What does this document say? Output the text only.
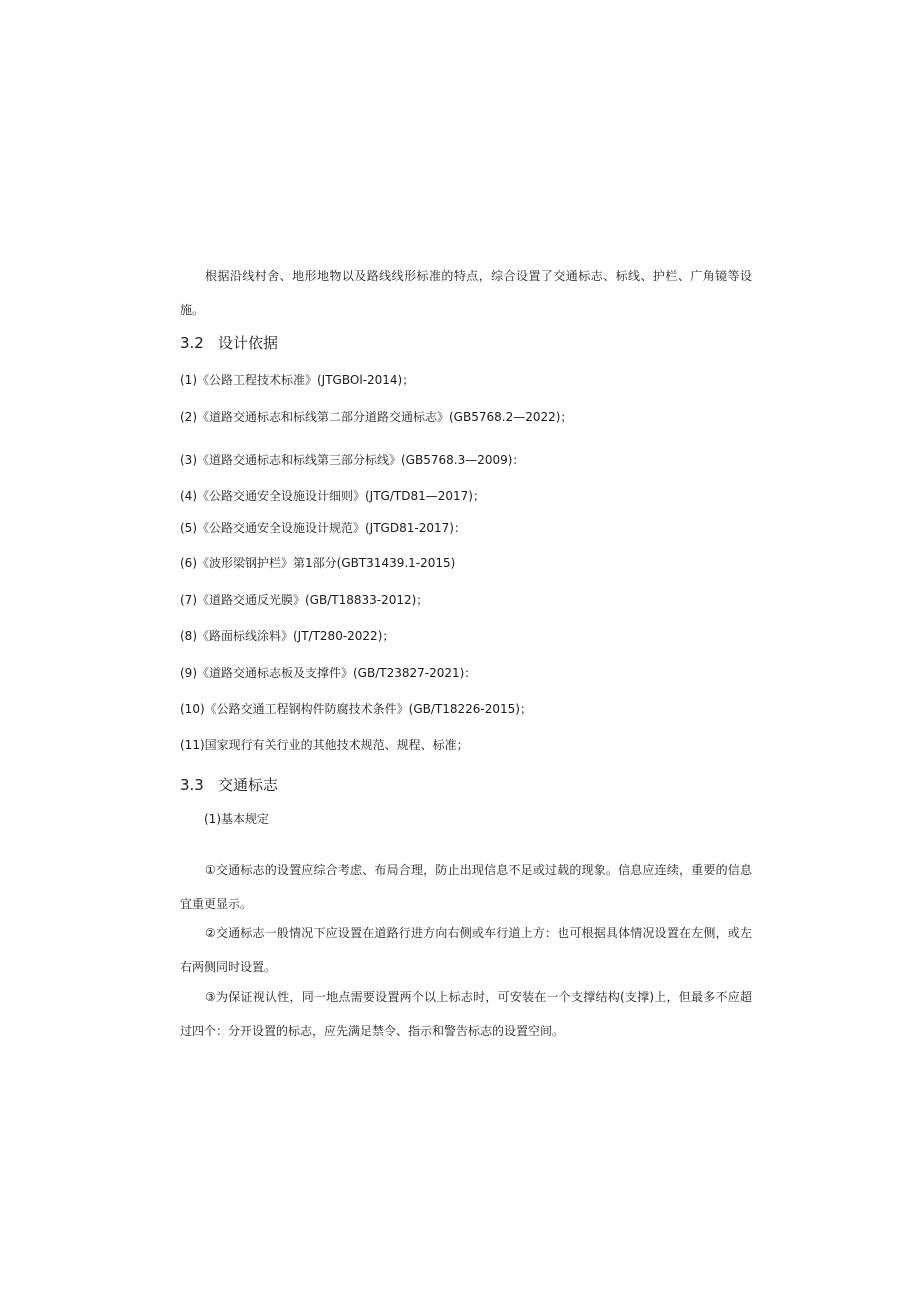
根据沿线村舍、地形地物以及路线线形标准的特点，综合设置了交通标志、标线、护栏、广角镜等设施。

3.2 设计依据
(1)《公路工程技术标准》(JTGBOl-2014)；
(2)《道路交通标志和标线第二部分道路交通标志》(GB5768.2—2022)；
(3)《道路交通标志和标线第三部分标线》(GB5768.3—2009)：
(4)《公路交通安全设施设计细则》(JTG/TD81—2017)；
(5)《公路交通安全设施设计规范》(JTGD81-2017)：
(6)《波形梁钢护栏》第1部分(GBT31439.1-2015)
(7)《道路交通反光膜》(GB/T18833-2012)；
(8)《路面标线涂料》(JT/T280-2022)；
(9)《道路交通标志板及支撑件》(GB/T23827-2021)：
(10)《公路交通工程钢构件防腐技术条件》(GB/T18226-2015)；
(11)国家现行有关行业的其他技术规范、规程、标准；
3.3 交通标志
(1)基本规定

①交通标志的设置应综合考虑、布局合理，防止出现信息不足或过载的现象。信息应连续，重要的信息宜重更显示。

②交通标志一般情况下应设置在道路行进方向右侧或车行道上方：也可根据具体情况设置在左侧，或左右两侧同时设置。

③为保证视认性，同一地点需要设置两个以上标志时，可安装在一个支撑结构(支撑)上，但最多不应超过四个：分开设置的标志，应先满足禁令、指示和警告标志的设置空间。
